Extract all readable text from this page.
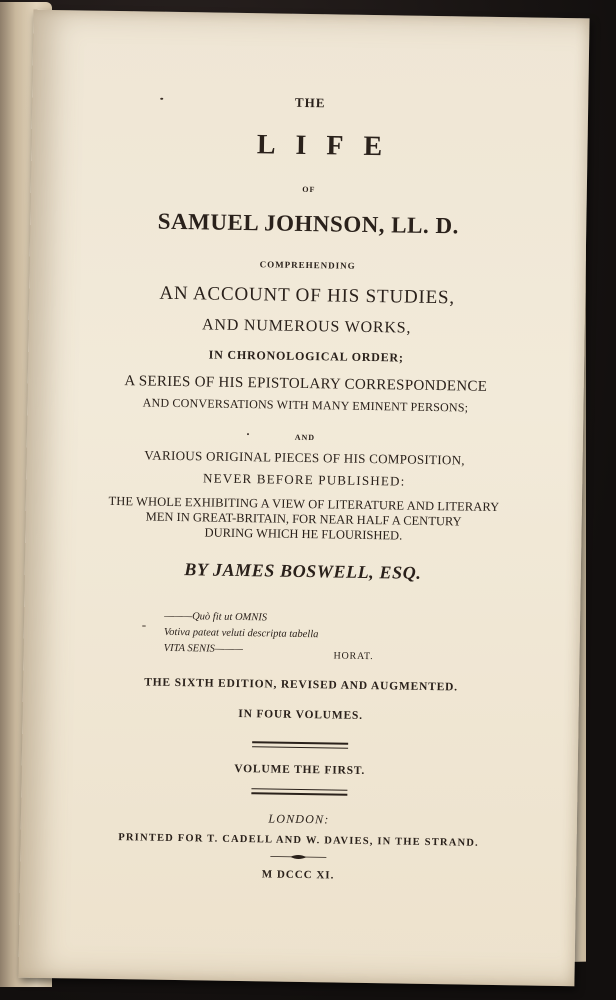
THE
LIFE
OF
SAMUEL JOHNSON, LL. D.
COMPREHENDING
AN ACCOUNT OF HIS STUDIES,
AND NUMEROUS WORKS,
IN CHRONOLOGICAL ORDER;
A SERIES OF HIS EPISTOLARY CORRESPONDENCE
AND CONVERSATIONS WITH MANY EMINENT PERSONS;
AND
VARIOUS ORIGINAL PIECES OF HIS COMPOSITION,
NEVER BEFORE PUBLISHED:
THE WHOLE EXHIBITING A VIEW OF LITERATURE AND LITERARY
MEN IN GREAT-BRITAIN, FOR NEAR HALF A CENTURY
DURING WHICH HE FLOURISHED.
BY JAMES BOSWELL, ESQ.
———Quò fit ut OMNIS
Votiva pateat veluti descripta tabella
VITA SENIS———
HORAT.
THE SIXTH EDITION, REVISED AND AUGMENTED.
IN FOUR VOLUMES.
VOLUME THE FIRST.
LONDON:
PRINTED FOR T. CADELL AND W. DAVIES, IN THE STRAND.
M DCCC XI.
